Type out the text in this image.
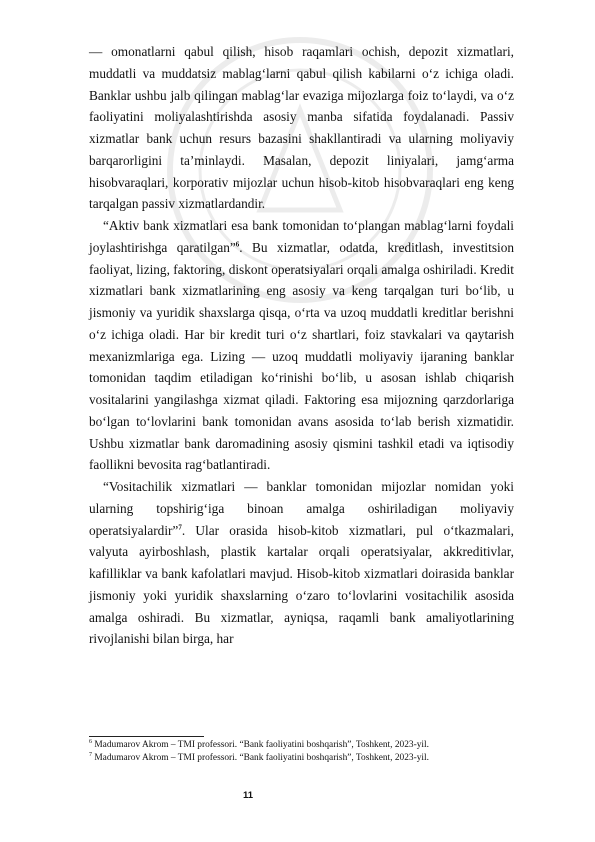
— omonatlarni qabul qilish, hisob raqamlari ochish, depozit xizmatlari, muddatli va muddatsiz mablag‘larni qabul qilish kabilarni o‘z ichiga oladi. Banklar ushbu jalb qilingan mablag‘lar evaziga mijozlarga foiz to‘laydi, va o‘z faoliyatini moliyalashtirishda asosiy manba sifatida foydalanadi. Passiv xizmatlar bank uchun resurs bazasini shakllantiradi va ularning moliyaviy barqarorligini ta’minlaydi. Masalan, depozit liniyalari, jamg‘arma hisobvaraqlari, korporativ mijozlar uchun hisob-kitob hisobvaraqlari eng keng tarqalgan passiv xizmatlardandir.

“Aktiv bank xizmatlari esa bank tomonidan to‘plangan mablag‘larni foydali joylashtirishga qaratilgan”$^6$. Bu xizmatlar, odatda, kreditlash, investitsion faoliyat, lizing, faktoring, diskont operatsiyalari orqali amalga oshiriladi. Kredit xizmatlari bank xizmatlarining eng asosiy va keng tarqalgan turi bo‘lib, u jismoniy va yuridik shaxslarga qisqa, o‘rta va uzoq muddatli kreditlar berishni o‘z ichiga oladi. Har bir kredit turi o‘z shartlari, foiz stavkalari va qaytarish mexanizmlariga ega. Lizing — uzoq muddatli moliyaviy ijaraning banklar tomonidan taqdim etiladigan ko‘rinishi bo‘lib, u asosan ishlab chiqarish vositalarini yangilashga xizmat qiladi. Faktoring esa mijozning qarzdorlariga bo‘lgan to‘lovlarini bank tomonidan avans asosida to‘lab berish xizmatidir. Ushbu xizmatlar bank daromadining asosiy qismini tashkil etadi va iqtisodiy faollikni bevosita rag‘batlantiradi.

“Vositachilik xizmatlari — banklar tomonidan mijozlar nomidan yoki ularning topshirig‘iga binoan amalga oshiriladigan moliyaviy operatsiyalardir”$^7$. Ular orasida hisob-kitob xizmatlari, pul o‘tkazmalari, valyuta ayirboshlash, plastik kartalar orqali operatsiyalar, akkreditivlar, kafilliklar va bank kafolatlari mavjud. Hisob-kitob xizmatlari doirasida banklar jismoniy yoki yuridik shaxslarning o‘zaro to‘lovlarini vositachilik asosida amalga oshiradi. Bu xizmatlar, ayniqsa, raqamli bank amaliyotlarining rivojlanishi bilan birga, har

$^6$ Madumarov Akrom – TMI professori. “Bank faoliyatini boshqarish”, Toshkent, 2023-yil.
$^7$ Madumarov Akrom – TMI professori. “Bank faoliyatini boshqarish”, Toshkent, 2023-yil.
11
